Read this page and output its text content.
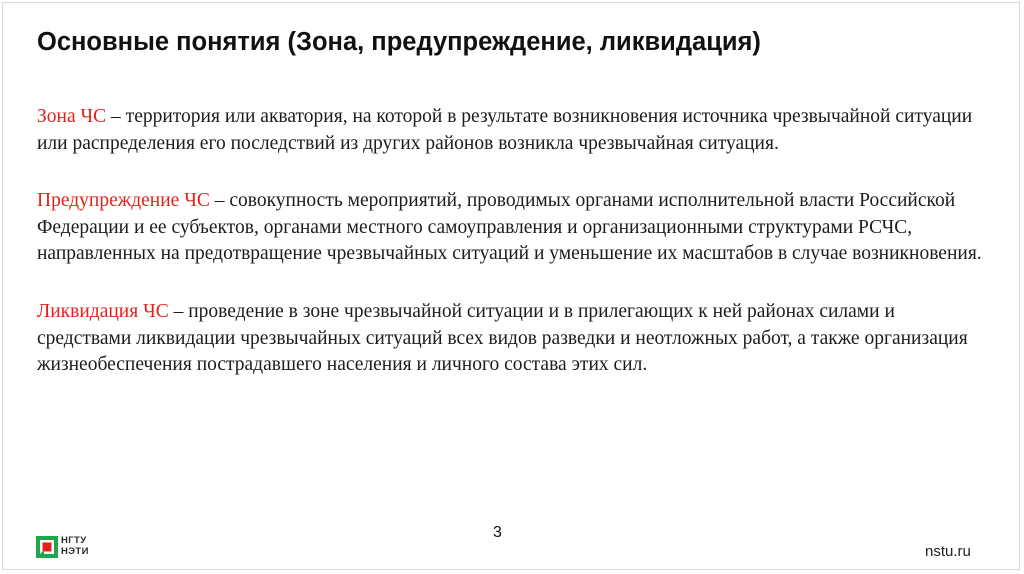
Основные понятия (Зона, предупреждение, ликвидация)

Зона ЧС – территория или акватория, на которой в результате возникновения источника чрезвычайной ситуации или распределения его последствий из других районов возникла чрезвычайная ситуация.

Предупреждение ЧС – совокупность мероприятий, проводимых органами исполнительной власти Российской Федерации и ее субъектов, органами местного самоуправления и организационными структурами РСЧС, направленных на предотвращение чрезвычайных ситуаций и уменьшение их масштабов в случае возникновения.

Ликвидация ЧС – проведение в зоне чрезвычайной ситуации и в прилегающих к ней районах силами и средствами ликвидации чрезвычайных ситуаций всех видов разведки и неотложных работ, а также организация жизнеобеспечения пострадавшего населения и личного состава этих сил.

3
НГТУ
НЭТИ	nstu.ru
